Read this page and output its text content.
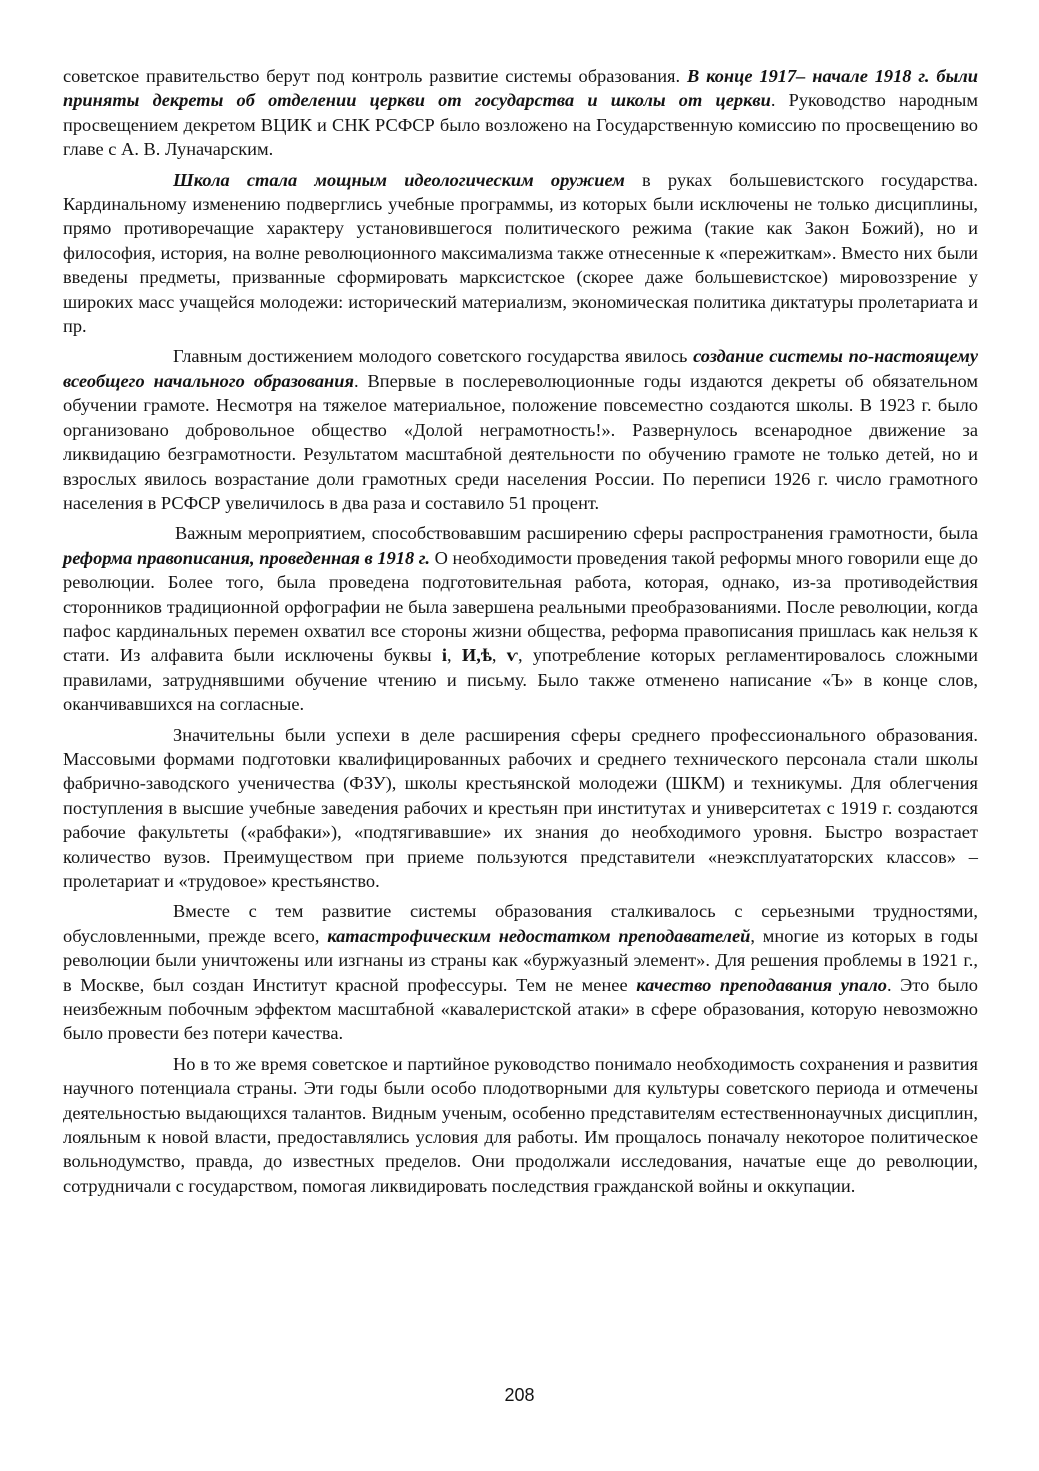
советское правительство берут под контроль развитие системы образования. В конце 1917– начале 1918 г. были приняты декреты об отделении церкви от государства и школы от церкви. Руководство народным просвещением декретом ВЦИК и СНК РСФСР было возложено на Государственную комиссию по просвещению во главе с А. В. Луначарским.

Школа стала мощным идеологическим оружием в руках большевистского государства. Кардинальному изменению подверглись учебные программы, из которых были исключены не только дисциплины, прямо противоречащие характеру установившегося политического режима (такие как Закон Божий), но и философия, история, на волне революционного максимализма также отнесенные к «пережиткам». Вместо них были введены предметы, призванные сформировать марксистское (скорее даже большевистское) мировоззрение у широких масс учащейся молодежи: исторический материализм, экономическая политика диктатуры пролетариата и пр.

Главным достижением молодого советского государства явилось создание системы по-настоящему всеобщего начального образования. Впервые в послереволюционные годы издаются декреты об обязательном обучении грамоте. Несмотря на тяжелое материальное, положение повсеместно создаются школы. В 1923 г. было организовано добровольное общество «Долой неграмотность!». Развернулось всенародное движение за ликвидацию безграмотности. Результатом масштабной деятельности по обучению грамоте не только детей, но и взрослых явилось возрастание доли грамотных среди населения России. По переписи 1926 г. число грамотного населения в РСФСР увеличилось в два раза и составило 51 процент.

Важным мероприятием, способствовавшим расширению сферы распространения грамотности, была реформа правописания, проведенная в 1918 г. О необходимости проведения такой реформы много говорили еще до революции. Более того, была проведена подготовительная работа, которая, однако, из-за противодействия сторонников традиционной орфографии не была завершена реальными преобразованиями. После революции, когда пафос кардинальных перемен охватил все стороны жизни общества, реформа правописания пришлась как нельзя к стати. Из алфавита были исключены буквы і, И,ѣ, ѵ, употребление которых регламентировалось сложными правилами, затруднявшими обучение чтению и письму. Было также отменено написание «Ъ» в конце слов, оканчивавшихся на согласные.

Значительны были успехи в деле расширения сферы среднего профессионального образования. Массовыми формами подготовки квалифицированных рабочих и среднего технического персонала стали школы фабрично-заводского ученичества (ФЗУ), школы крестьянской молодежи (ШКМ) и техникумы. Для облегчения поступления в высшие учебные заведения рабочих и крестьян при институтах и университетах с 1919 г. создаются рабочие факультеты («рабфаки»), «подтягивавшие» их знания до необходимого уровня. Быстро возрастает количество вузов. Преимуществом при приеме пользуются представители «неэксплуататорских классов» – пролетариат и «трудовое» крестьянство.

Вместе с тем развитие системы образования сталкивалось с серьезными трудностями, обусловленными, прежде всего, катастрофическим недостатком преподавателей, многие из которых в годы революции были уничтожены или изгнаны из страны как «буржуазный элемент». Для решения проблемы в 1921 г., в Москве, был создан Институт красной профессуры. Тем не менее качество преподавания упало. Это было неизбежным побочным эффектом масштабной «кавалеристской атаки» в сфере образования, которую невозможно было провести без потери качества.

Но в то же время советское и партийное руководство понимало необходимость сохранения и развития научного потенциала страны. Эти годы были особо плодотворными для культуры советского периода и отмечены деятельностью выдающихся талантов. Видным ученым, особенно представителям естественнонаучных дисциплин, лояльным к новой власти, предоставлялись условия для работы. Им прощалось поначалу некоторое политическое вольнодумство, правда, до известных пределов. Они продолжали исследования, начатые еще до революции, сотрудничали с государством, помогая ликвидировать последствия гражданской войны и оккупации.

208
